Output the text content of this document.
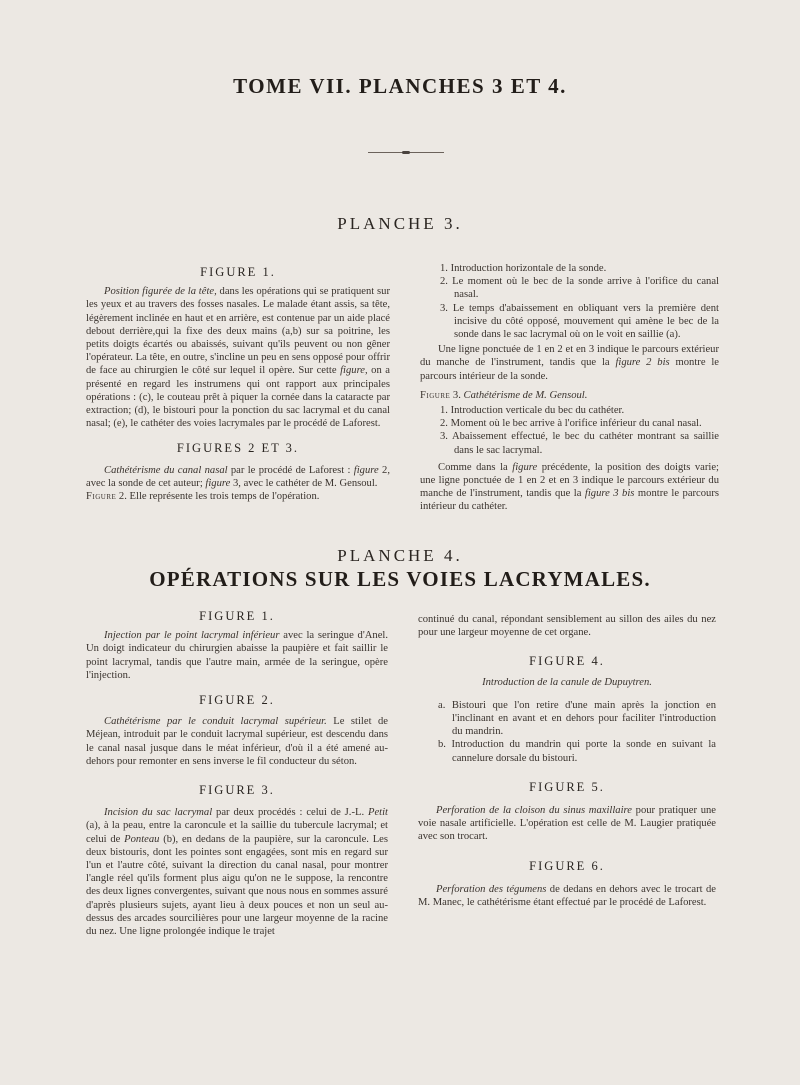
TOME VII. PLANCHES 3 ET 4.
PLANCHE 3.
FIGURE 1.

Position figurée de la tête, dans les opérations qui se pratiquent sur les yeux et au travers des fosses nasales. Le malade étant assis, sa tête, légèrement inclinée en haut et en arrière, est contenue par un aide placé debout derrière,qui la fixe des deux mains (a,b) sur sa poitrine, les petits doigts écartés ou abaissés, suivant qu'ils peuvent ou non gêner l'opérateur. La tête, en outre, s'incline un peu en sens opposé pour offrir de face au chirurgien le côté sur lequel il opère. Sur cette figure, on a présenté en regard les instrumens qui ont rapport aux principales opérations : (c), le couteau prêt à piquer la cornée dans la cataracte par extraction; (d), le bistouri pour la ponction du sac lacrymal et du canal nasal; (e), le cathéter des voies lacrymales par le procédé de Laforest.

FIGURES 2 ET 3.

Cathétérisme du canal nasal par le procédé de Laforest : figure 2, avec la sonde de cet auteur; figure 3, avec le cathéter de M. Gensoul.

Figure 2. Elle représente les trois temps de l'opération.

1. Introduction horizontale de la sonde.

2. Le moment où le bec de la sonde arrive à l'orifice du canal nasal.

3. Le temps d'abaissement en obliquant vers la première dent incisive du côté opposé, mouvement qui amène le bec de la sonde dans le sac lacrymal où on le voit en saillie (a).

Une ligne ponctuée de 1 en 2 et en 3 indique le parcours extérieur du manche de l'instrument, tandis que la figure 2 bis montre le parcours intérieur de la sonde.

Figure 3. Cathétérisme de M. Gensoul.

1. Introduction verticale du bec du cathéter.

2. Moment où le bec arrive à l'orifice inférieur du canal nasal.

3. Abaissement effectué, le bec du cathéter montrant sa saillie dans le sac lacrymal.

Comme dans la figure précédente, la position des doigts varie; une ligne ponctuée de 1 en 2 et en 3 indique le parcours extérieur du manche de l'instrument, tandis que la figure 3 bis montre le parcours intérieur du cathéter.

PLANCHE 4.
OPÉRATIONS SUR LES VOIES LACRYMALES.
FIGURE 1.

Injection par le point lacrymal inférieur avec la seringue d'Anel. Un doigt indicateur du chirurgien abaisse la paupière et fait saillir le point lacrymal, tandis que l'autre main, armée de la seringue, opère l'injection.

FIGURE 2.

Cathétérisme par le conduit lacrymal supérieur. Le stilet de Méjean, introduit par le conduit lacrymal supérieur, est descendu dans le canal nasal jusque dans le méat inférieur, d'où il a été amené au-dehors pour remonter en sens inverse le fil conducteur du séton.

FIGURE 3.

Incision du sac lacrymal par deux procédés : celui de J.-L. Petit (a), à la peau, entre la caroncule et la saillie du tubercule lacrymal; et celui de Ponteau (b), en dedans de la paupière, sur la caroncule. Les deux bistouris, dont les pointes sont engagées, sont mis en regard sur l'un et l'autre côté, suivant la direction du canal nasal, pour montrer l'angle réel qu'ils forment plus aigu qu'on ne le suppose, la rencontre des deux lignes convergentes, suivant que nous nous en sommes assuré d'après plusieurs sujets, ayant lieu à deux pouces et non un seul au-dessus des arcades sourcilières pour une largeur moyenne de la racine du nez. Une ligne prolongée indique le trajet

continué du canal, répondant sensiblement au sillon des ailes du nez pour une largeur moyenne de cet organe.

FIGURE 4.

Introduction de la canule de Dupuytren.

a. Bistouri que l'on retire d'une main après la jonction en l'inclinant en avant et en dehors pour faciliter l'introduction du mandrin.

b. Introduction du mandrin qui porte la sonde en suivant la cannelure dorsale du bistouri.

FIGURE 5.

Perforation de la cloison du sinus maxillaire pour pratiquer une voie nasale artificielle. L'opération est celle de M. Laugier pratiquée avec son trocart.

FIGURE 6.

Perforation des tégumens de dedans en dehors avec le trocart de M. Manec, le cathétérisme étant effectué par le procédé de Laforest.
